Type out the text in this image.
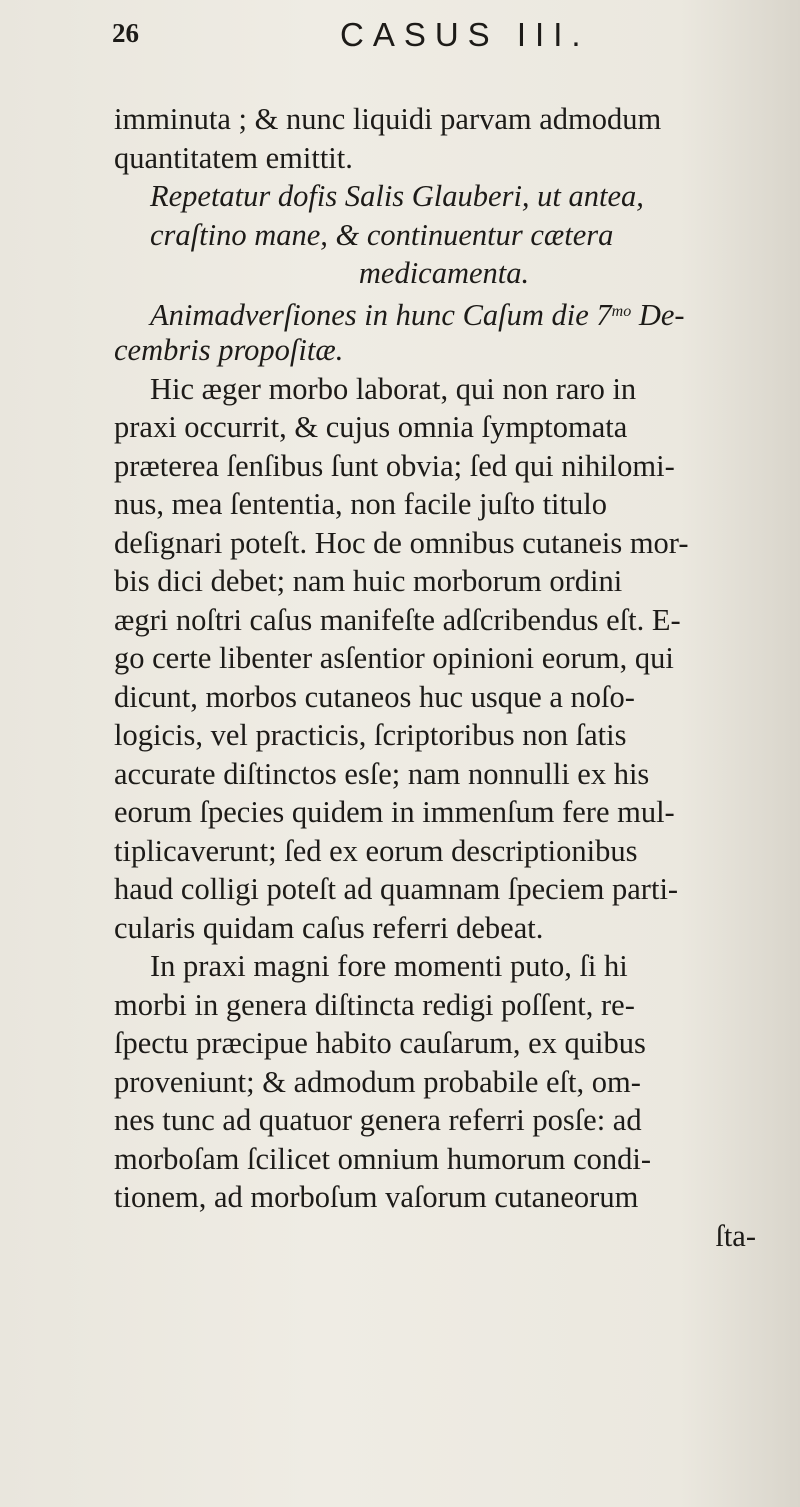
26	CASUS III.
imminuta ; & nunc liquidi parvam admodum
quantitatem emittit.
Repetatur dofis Salis Glauberi, ut antea,
craſtino mane, & continuentur cætera
medicamenta.
Animadverſiones in hunc Caſum die $7^{mo}$ De-
cembris propoſitæ.
Hic æger morbo laborat, qui non raro in
praxi occurrit, & cujus omnia ſymptomata
præterea ſenſibus ſunt obvia; ſed qui nihilomi-
nus, mea ſententia, non facile juſto titulo
deſignari poteſt. Hoc de omnibus cutaneis mor-
bis dici debet; nam huic morborum ordini
ægri noſtri caſus manifeſte adſcribendus eſt. E-
go certe libenter asſentior opinioni eorum, qui
dicunt, morbos cutaneos huc usque a noſo-
logicis, vel practicis, ſcriptoribus non ſatis
accurate diſtinctos esſe; nam nonnulli ex his
eorum ſpecies quidem in immenſum fere mul-
tiplicaverunt; ſed ex eorum descriptionibus
haud colligi poteſt ad quamnam ſpeciem parti-
cularis quidam caſus referri debeat.
In praxi magni fore momenti puto, ſi hi
morbi in genera diſtincta redigi poſſent, re-
ſpectu præcipue habito cauſarum, ex quibus
proveniunt; & admodum probabile eſt, om-
nes tunc ad quatuor genera referri posſe: ad
morboſam ſcilicet omnium humorum condi-
tionem, ad morboſum vaſorum cutaneorum
ſta-
